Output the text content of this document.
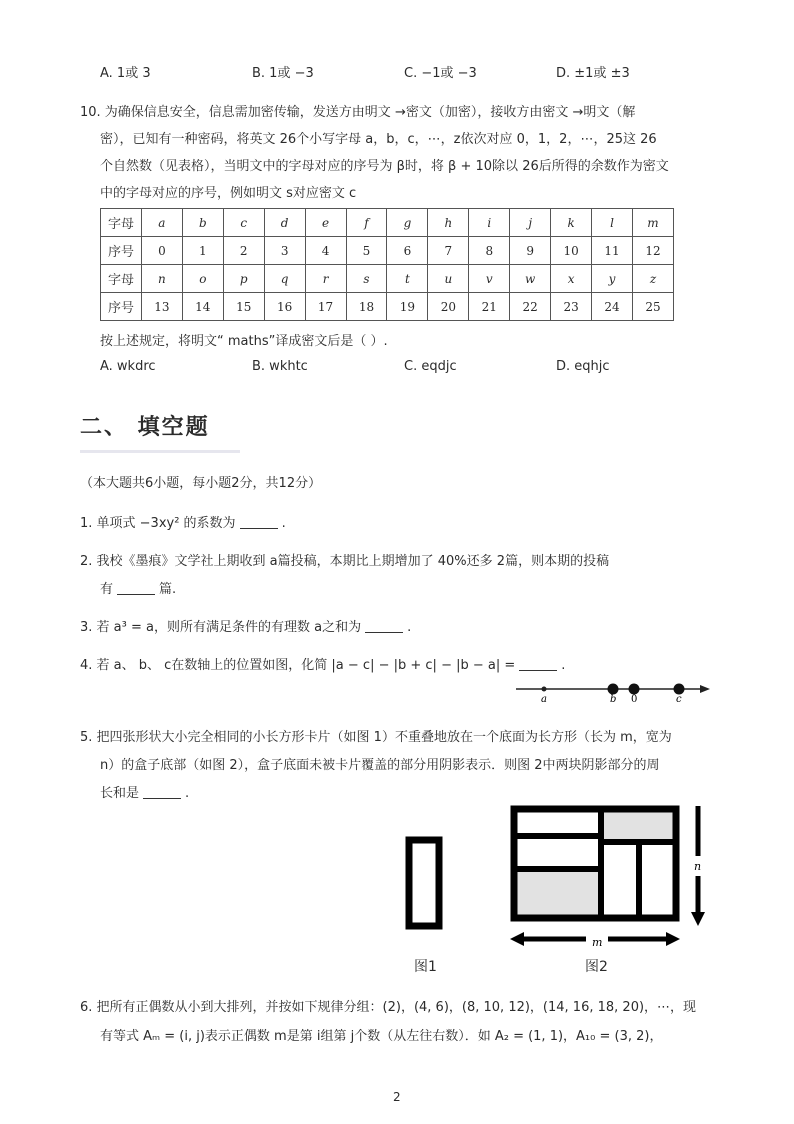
A. 1或 3	B. 1或 −3	C. −1或 −3	D. ±1或 ±3
10. 为确保信息安全，信息需加密传输，发送方由明文 →密文（加密），接收方由密文 →明文（解
密），已知有一种密码，将英文 26个小写字母 a，b，c，⋯，z依次对应 0，1，2，⋯，25这 26
个自然数（见表格），当明文中的字母对应的序号为 β时，将 β + 10除以 26后所得的余数作为密文
中的字母对应的序号，例如明文 s对应密文 c
字母	a	b	c	d	e	f	g	h	i	j	k	l	m
序号	0	1	2	3	4	5	6	7	8	9	10	11	12
字母	n	o	p	q	r	s	t	u	v	w	x	y	z
序号	13	14	15	16	17	18	19	20	21	22	23	24	25
按上述规定，将明文“ maths”译成密文后是（ ）.
A. wkdrc	B. wkhtc	C. eqdjc	D. eqhjc
二、 填空题
（本大题共6小题，每小题2分，共12分）
1. 单项式 −3xy² 的系数为	.
2. 我校《墨痕》文学社上期收到 a篇投稿，本期比上期增加了 40%还多 2篇，则本期的投稿
有	篇.
3. 若 a³ = a，则所有满足条件的有理数 a之和为	.
4. 若 a、 b、 c在数轴上的位置如图，化简 |a − c| − |b + c| − |b − a| =	.
a	b 0	c
5. 把四张形状大小完全相同的小长方形卡片（如图 1）不重叠地放在一个底面为长方形（长为 m，宽为
n）的盒子底部（如图 2），盒子底面未被卡片覆盖的部分用阴影表示．则图 2中两块阴影部分的周
长和是	.
图1
m
n
图2
6. 把所有正偶数从小到大排列，并按如下规律分组：(2)，(4, 6)，(8, 10, 12)，(14, 16, 18, 20)，⋯，现
有等式 Aₘ = (i, j)表示正偶数 m是第 i组第 j个数（从左往右数）．如 A₂ = (1, 1)，A₁₀ = (3, 2)，
2
